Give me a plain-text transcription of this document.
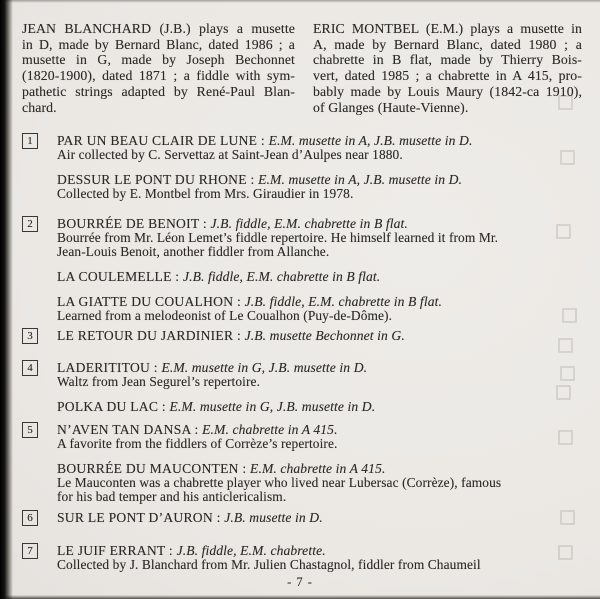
JEAN BLANCHARD (J.B.) plays a musette
in D, made by Bernard Blanc, dated 1986 ; a
musette in G, made by Joseph Bechonnet
(1820-1900), dated 1871 ; a fiddle with sym-
pathetic strings adapted by René-Paul Blan-
chard.
ERIC MONTBEL (E.M.) plays a musette in
A, made by Bernard Blanc, dated 1980 ; a
chabrette in B flat, made by Thierry Bois-
vert, dated 1985 ; a chabrette in A 415, pro-
bably made by Louis Maury (1842-ca 1910),
of Glanges (Haute-Vienne).
1	PAR UN BEAU CLAIR DE LUNE : E.M. musette in A, J.B. musette in D.
Air collected by C. Servettaz at Saint-Jean d’Aulpes near 1880.
DESSUR LE PONT DU RHONE : E.M. musette in A, J.B. musette in D.
Collected by E. Montbel from Mrs. Giraudier in 1978.
2	BOURRÉE DE BENOIT : J.B. fiddle, E.M. chabrette in B flat.
Bourrée from Mr. Léon Lemet’s fiddle repertoire. He himself learned it from Mr.
Jean-Louis Benoit, another fiddler from Allanche.
LA COULEMELLE : J.B. fiddle, E.M. chabrette in B flat.
LA GIATTE DU COUALHON : J.B. fiddle, E.M. chabrette in B flat.
Learned from a melodeonist of Le Coualhon (Puy-de-Dôme).
3	LE RETOUR DU JARDINIER : J.B. musette Bechonnet in G.
4	LADERITITOU : E.M. musette in G, J.B. musette in D.
Waltz from Jean Segurel’s repertoire.
POLKA DU LAC : E.M. musette in G, J.B. musette in D.
5	N’AVEN TAN DANSA : E.M. chabrette in A 415.
A favorite from the fiddlers of Corrèze’s repertoire.
BOURRÉE DU MAUCONTEN : E.M. chabrette in A 415.
Le Mauconten was a chabrette player who lived near Lubersac (Corrèze), famous
for his bad temper and his anticlericalism.
6	SUR LE PONT D’AURON : J.B. musette in D.
7	LE JUIF ERRANT : J.B. fiddle, E.M. chabrette.
Collected by J. Blanchard from Mr. Julien Chastagnol, fiddler from Chaumeil
- 7 -
